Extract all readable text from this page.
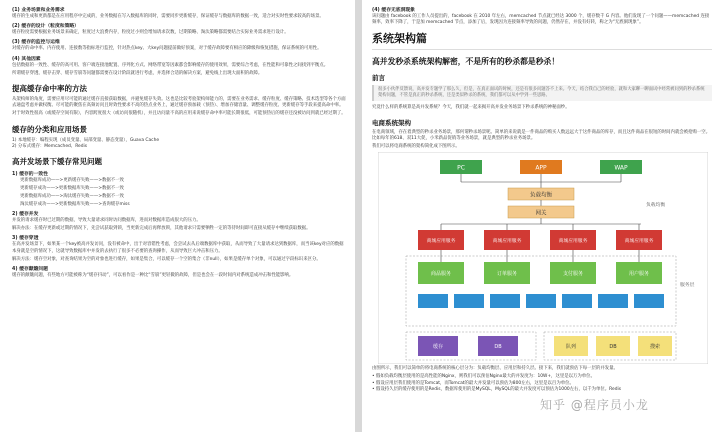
(1) 业务场景和业务需求
缓存的生成和更新都是在应用程序中完成的，业务数据在写入数据库的同时，需要同步更新缓存，保证缓存与数据库的数据一致，适合对实时性要求较高的场景。
(2) 缓存的设计（粒度和策略）
缓存粒度需要根据业务场景来确定，粒度过大浪费内存，粒度过小则会增加请求次数，过期策略、淘汰策略都需要结合实际业务需求进行设计。
(3) 缓存的监控与运维
对缓存的命中率、内存使用、连接数等指标进行监控，针对热点key、大key问题提前做好预案，对于缓存故障要有相应的降级和恢复措施，保证系统的可用性。
(4) 其他因素
包括数据的一致性、缓存的高可用、客户端连接池配置、序列化方式、网络带宽等因素都会影响缓存的使用效果，需要综合考虑，在性能和可靠性之间找到平衡点。
所谓缓存穿透、缓存击穿、缓存雪崩等问题都需要在设计阶段就进行考虑，并选择合适的解决方案，避免线上出现大面积的故障。
提高缓存命中率的方法
从架构师的角度，需要应用尽可能的通过缓存直接获取数据，并避免缓存失效。这也是比较考验架构师能力的，需要在业务需求、缓存粒度、缓存策略、技术选型等各个方面去通盘考虑并做权衡。尽可能的聚焦在高频访问且时效性要求不高的热点业务上，通过缓存预加载（预热）、增加存储容量、调整缓存粒度、更新缓存等手段来提高命中率。
对于时效性很高（或缓存空间有限），内容跨度很大（或访问很随机），并且访问量不高的应用来说缓存命中率可能长期很低，可能预热后的缓存还没被访问到就已经过期了。
缓存的分类和应用场景
1) 本地缓存：编程实现（成员变量、局部变量、静态变量），Guava Cache
2) 分布式缓存：Memcached、Redis
高并发场景下缓存常见问题
1) 缓存的一致性
更新数据库成功——>更新缓存失败——>数据不一致
更新缓存成功——>更新数据库失败——>数据不一致
更新数据库成功——>淘汰缓存失败——>数据不一致
淘汰缓存成功——>更新数据库失败——>查询缓存miss
2) 缓存并发
并发的请求缓存时已过期的数据，导致大量请求同时访问数据库，进而对数据库造成很大的压力。
解决办法：在缓存更新或过期的情况下，先尝试获取到锁，当更新完成后再释放锁，其他请求只需要牺牲一定的等待时间即可直接从缓存中继续获取数据。
3) 缓存穿透
在高并发场景下，如果某一个key被高并发访问，没有被命中，出于对容错性考虑，会尝试去从后端数据库中获取，从而导致了大量请求达到数据库，而当该key对应的数据本身就是空的情况下，这就导致数据库中并发的去执行了很多不必要的查询操作，从而导致巨大冲击和压力。
解决方法：缓存空对象，对查询结果为空的对象也进行缓存，如果是集合，可以缓存一个空的集合（非null），如果是缓存单个对象，可以通过字段标识来区分。
4) 缓存颠簸问题
缓存的颠簸问题，有些地方可能被称为“缓存抖动”，可以看作是一种比“雪崩”更轻微的故障，但是也会在一段时间内对系统造成冲击和性能影响。
(4) 缓存无底洞现象
该问题由 facebook 的工作人员提出的，facebook 在 2010 年左右，memcached 节点就已经达 3000 个，缓存数千 G 内容。他们发现了一个问题——memcached 连接频率，效率下降了，于是加 memcached 节点，添加了后，发现因为连接频率导致的问题，仍然存在，并没有好转，称之为“无底洞现象”。
系统架构篇
高并发秒杀系统架构解密，不是所有的秒杀都是秒杀！
前言
很多小伙伴反馈说，高并发专题学了那么久，但是，在真正面试的时候，还是有很多问题答不上来。今天，结合我自己的经验，就和大家聊一聊面试中经常被问到的秒杀系统架构问题，不管是真正的秒杀系统，还是类似秒杀的系统，我们都可以从中学到一些思路。
究竟什么样的系统算是高并发系统？今天，我们就一起来揭开高并发业务场景下秒杀系统的神秘面纱。
电商系统架构
在电商领域，存在着典型的秒杀业务场景，那何谓秒杀场景呢。简单的来说就是一件商品的购买人数远远大于这件商品的库存，而且这件商品在很短的时间内就会被抢购一空。比如每年的618、双11大促，小米新品促销等业务场景，就是典型的秒杀业务场景。
我们可以将电商系统的架构简化成下图所示。
PC	APP	WAP
负载均衡
网关
负载均衡
商城应用服务	商城应用服务	商城应用服务	商城应用服务
服务层
商品服务	订单服务	支付服务	用户服务
缓存	DB	队列	DB	搜索
由图所示，我们可以简单的将电商系统的核心层分为：负载均衡层、应用层和持久层。接下来，我们就预估下每一层的并发量。
• 假如负载均衡层使用的是高性能的Nginx，则我们可以预估Nginx最大的并发度为：10W+，这里是以万为单位。
• 假设应用层我们使用的是Tomcat，而Tomcat的最大并发量可以预估为800左右，这里是以百为单位。
• 假设持久层的缓存使用的是Redis，数据库使用的是MySQL，MySQL的最大并发度可以预估为1000左右，以千为单位。Redis
知乎 @程序员小龙
